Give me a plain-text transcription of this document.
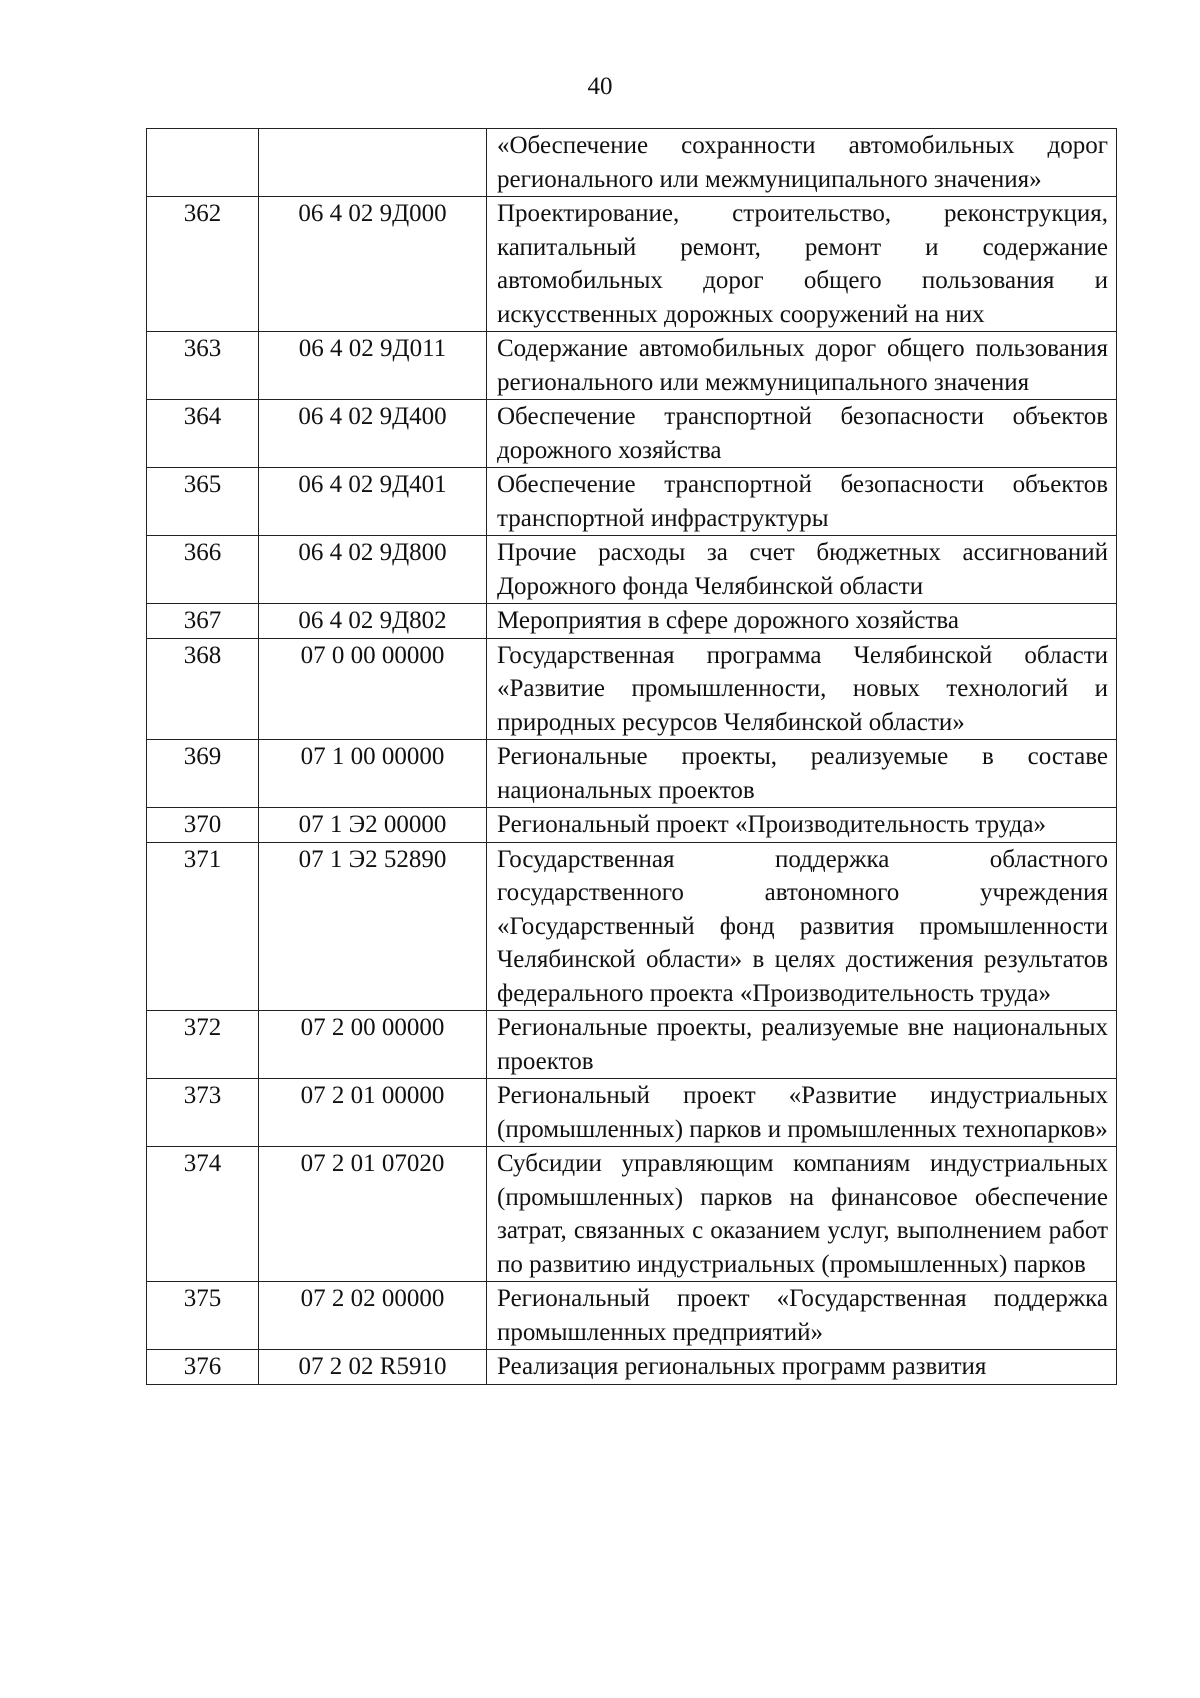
40
		«Обеспечение сохранности автомобильных дорог регионального или межмуниципального значения»
362	06 4 02 9Д000	Проектирование, строительство, реконструкция, капитальный ремонт, ремонт и содержание автомобильных дорог общего пользования и искусственных дорожных сооружений на них
363	06 4 02 9Д011	Содержание автомобильных дорог общего пользования регионального или межмуниципального значения
364	06 4 02 9Д400	Обеспечение транспортной безопасности объектов дорожного хозяйства
365	06 4 02 9Д401	Обеспечение транспортной безопасности объектов транспортной инфраструктуры
366	06 4 02 9Д800	Прочие расходы за счет бюджетных ассигнований Дорожного фонда Челябинской области
367	06 4 02 9Д802	Мероприятия в сфере дорожного хозяйства
368	07 0 00 00000	Государственная программа Челябинской области «Развитие промышленности, новых технологий и природных ресурсов Челябинской области»
369	07 1 00 00000	Региональные проекты, реализуемые в составе национальных проектов
370	07 1 Э2 00000	Региональный проект «Производительность труда»
371	07 1 Э2 52890	Государственная поддержка областного государственного автономного учреждения «Государственный фонд развития промышленности Челябинской области» в целях достижения результатов федерального проекта «Производительность труда»
372	07 2 00 00000	Региональные проекты, реализуемые вне национальных проектов
373	07 2 01 00000	Региональный проект «Развитие индустриальных (промышленных) парков и промышленных технопарков»
374	07 2 01 07020	Субсидии управляющим компаниям индустриальных (промышленных) парков на финансовое обеспечение затрат, связанных с оказанием услуг, выполнением работ по развитию индустриальных (промышленных) парков
375	07 2 02 00000	Региональный проект «Государственная поддержка промышленных предприятий»
376	07 2 02 R5910	Реализация региональных программ развития
